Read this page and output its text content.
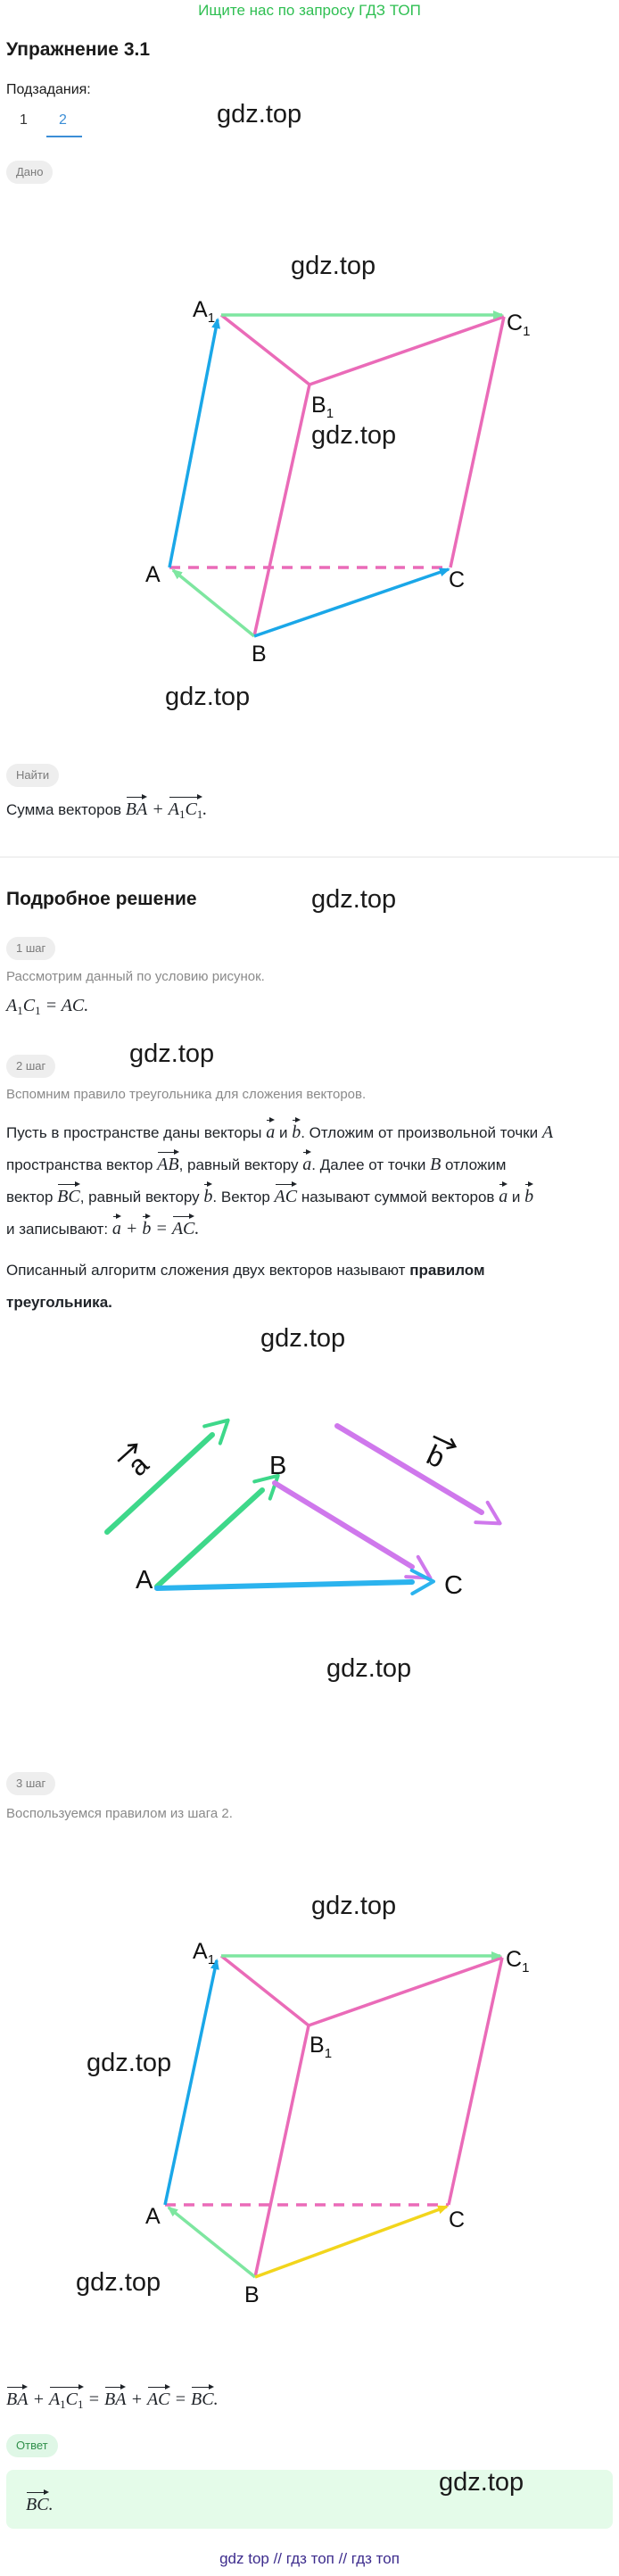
Ищите нас по запросу ГДЗ ТОП
Упражнение 3.1
Подзадания:
1 2	gdz.top
Дано
$A_1$	$C_1$
$B_1$
A	C
B
gdz.top
gdz.top
gdz.top
Найти
Сумма векторов BA + $A_1C_1$.
Подробное решение	gdz.top
1 шаг
Рассмотрим данный по условию рисунок.
$A_1C_1$ = AC.
2 шаг	gdz.top
Вспомним правило треугольника для сложения векторов.
Пусть в пространстве даны векторы a и b. Отложим от произвольной точки A
пространства вектор AB, равный вектору a. Далее от точки B отложим
вектор BC, равный вектору b. Вектор AC называют суммой векторов a и b
и записывают: a + b = AC.
Описанный алгоритм сложения двух векторов называют правилом
треугольника.
gdz.top
a	b
A
B
C
gdz.top
3 шаг
Воспользуемся правилом из шага 2.
gdz.top
$A_1$	$C_1$
$B_1$
A	C
B
gdz.top
gdz.top
BA + $A_1C_1$ = BA + AC = BC.
Ответ
BC.
gdz.top
gdz top // гдз топ // гдз топ
